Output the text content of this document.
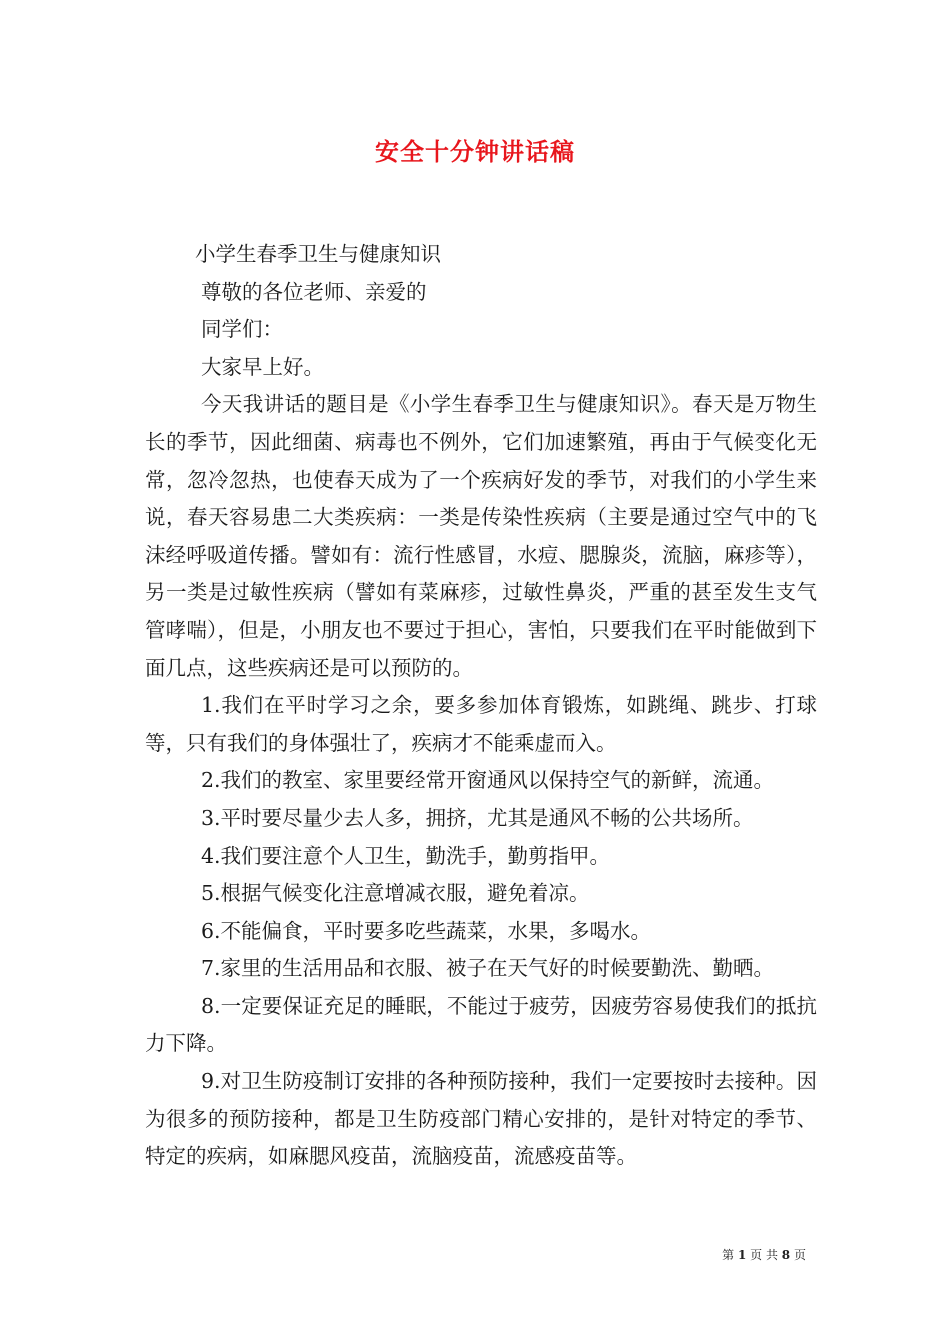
安全十分钟讲话稿

小学生春季卫生与健康知识

尊敬的各位老师、亲爱的

同学们：

大家早上好。

今天我讲话的题目是《小学生春季卫生与健康知识》。春天是万物生长的季节，因此细菌、病毒也不例外，它们加速繁殖，再由于气候变化无常，忽冷忽热，也使春天成为了一个疾病好发的季节，对我们的小学生来说，春天容易患二大类疾病：一类是传染性疾病（主要是通过空气中的飞沫经呼吸道传播。譬如有：流行性感冒，水痘、腮腺炎，流脑，麻疹等），另一类是过敏性疾病（譬如有菜麻疹，过敏性鼻炎，严重的甚至发生支气管哮喘），但是，小朋友也不要过于担心，害怕，只要我们在平时能做到下面几点，这些疾病还是可以预防的。

1.我们在平时学习之余，要多参加体育锻炼，如跳绳、跳步、打球等，只有我们的身体强壮了，疾病才不能乘虚而入。

2.我们的教室、家里要经常开窗通风以保持空气的新鲜，流通。

3.平时要尽量少去人多，拥挤，尤其是通风不畅的公共场所。

4.我们要注意个人卫生，勤洗手，勤剪指甲。

5.根据气候变化注意增减衣服，避免着凉。

6.不能偏食，平时要多吃些蔬菜，水果，多喝水。

7.家里的生活用品和衣服、被子在天气好的时候要勤洗、勤晒。

8.一定要保证充足的睡眠，不能过于疲劳，因疲劳容易使我们的抵抗力下降。

9.对卫生防疫制订安排的各种预防接种，我们一定要按时去接种。因为很多的预防接种，都是卫生防疫部门精心安排的，是针对特定的季节、特定的疾病，如麻腮风疫苗，流脑疫苗，流感疫苗等。

第 1 页 共 8 页
